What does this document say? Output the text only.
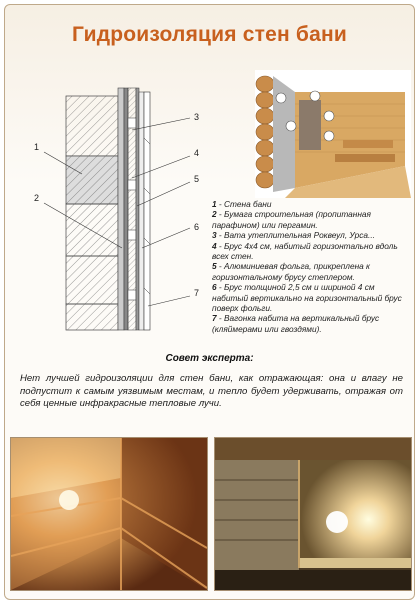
Гидроизоляция стен бани
1
2
3
4
5
6
7
1 - Стена бани
2 - Бумага строительная (пропитанная парафином) или пергамин.
3 - Вата утеплительная Роквеул, Урса...
4 - Брус 4х4 см, набитый горизонтально вдоль всех стен.
5 - Алюминиевая фольга, прикреплена к горизонтальному брусу степлером.
6 - Брус толщиной 2,5 см и шириной 4 см набитый вертикально на горизонтальный брус поверх фольги.
7 - Вагонка набита на вертикальный брус (кляймерами или гвоздями).
Совет эксперта:
Нет лучшей гидроизоляции для стен бани, как отражающая: она и влагу не подпустит к самым уязвимым местам, и тепло будет удерживать, отражая от себя ценные инфракрасные тепловые лучи.
